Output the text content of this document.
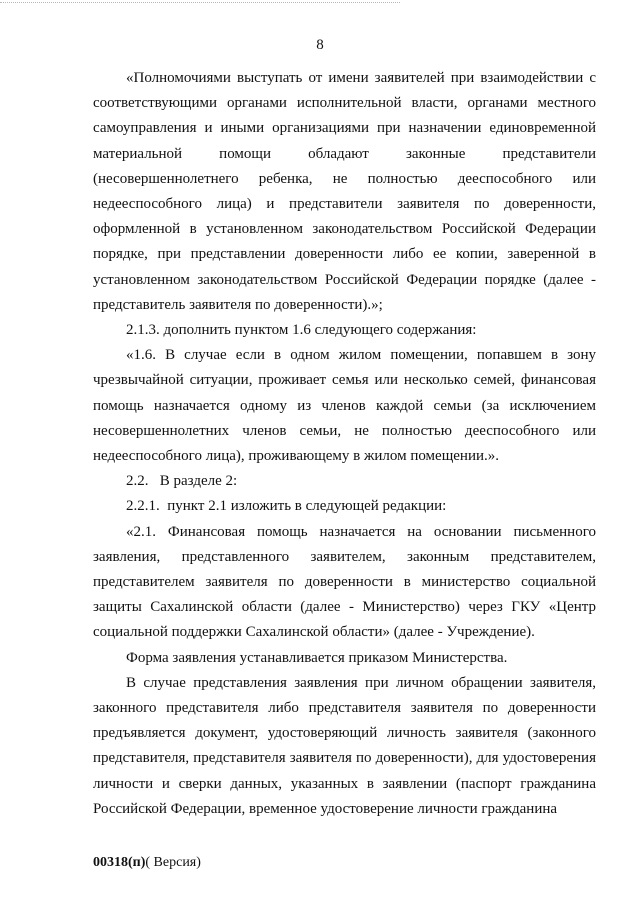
8

«Полномочиями выступать от имени заявителей при взаимодействии с соответствующими органами исполнительной власти, органами местного самоуправления и иными организациями при назначении единовременной материальной помощи обладают законные представители (несовершеннолетнего ребенка, не полностью дееспособного или недееспособного лица) и представители заявителя по доверенности, оформленной в установленном законодательством Российской Федерации порядке, при представлении доверенности либо ее копии, заверенной в установленном законодательством Российской Федерации порядке (далее - представитель заявителя по доверенности).»;

2.1.3. дополнить пунктом 1.6 следующего содержания:

«1.6. В случае если в одном жилом помещении, попавшем в зону чрезвычайной ситуации, проживает семья или несколько семей, финансовая помощь назначается одному из членов каждой семьи (за исключением несовершеннолетних членов семьи, не полностью дееспособного или недееспособного лица), проживающему в жилом помещении.».

2.2.   В разделе 2:

2.2.1.  пункт 2.1 изложить в следующей редакции:

«2.1. Финансовая помощь назначается на основании письменного заявления, представленного заявителем, законным представителем, представителем заявителя по доверенности в министерство социальной защиты Сахалинской области (далее - Министерство) через ГКУ «Центр социальной поддержки Сахалинской области» (далее - Учреждение).

Форма заявления устанавливается приказом Министерства.

В случае представления заявления при личном обращении заявителя, законного представителя либо представителя заявителя по доверенности предъявляется документ, удостоверяющий личность заявителя (законного представителя, представителя заявителя по доверенности), для удостоверения личности и сверки данных, указанных в заявлении (паспорт гражданина Российской Федерации, временное удостоверение личности гражданина

00318(п)( Версия)
